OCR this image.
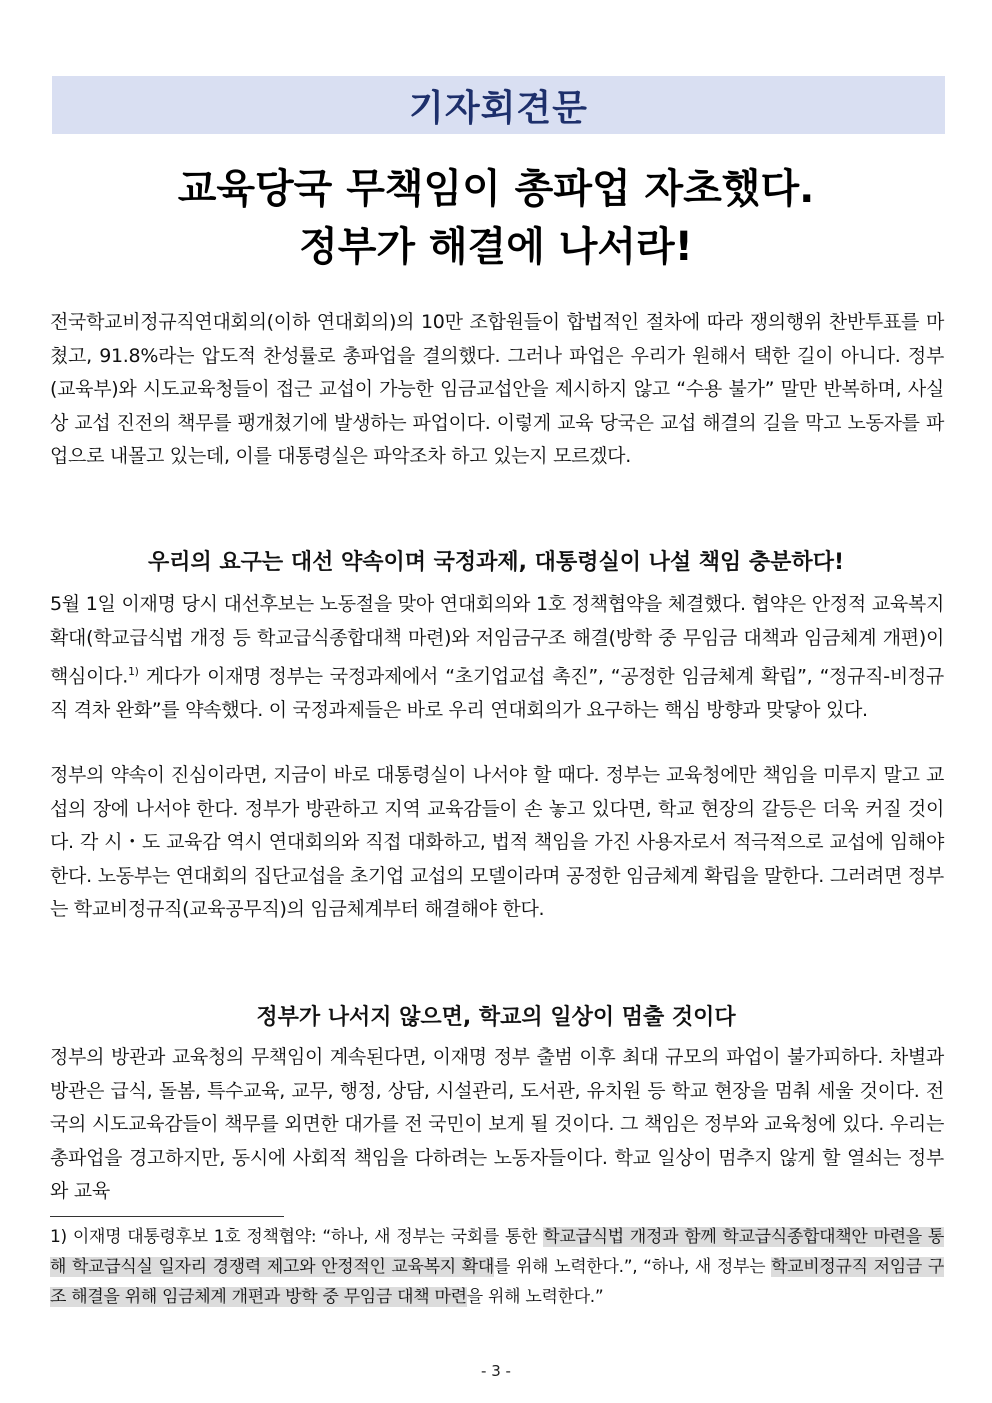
기자회견문
교육당국 무책임이 총파업 자초했다.
정부가 해결에 나서라!

전국학교비정규직연대회의(이하 연대회의)의 10만 조합원들이 합법적인 절차에 따라 쟁의행위 찬반투표를 마쳤고, 91.8%라는 압도적 찬성률로 총파업을 결의했다. 그러나 파업은 우리가 원해서 택한 길이 아니다. 정부(교육부)와 시도교육청들이 접근 교섭이 가능한 임금교섭안을 제시하지 않고 “수용 불가” 말만 반복하며, 사실상 교섭 진전의 책무를 팽개쳤기에 발생하는 파업이다. 이렇게 교육 당국은 교섭 해결의 길을 막고 노동자를 파업으로 내몰고 있는데, 이를 대통령실은 파악조차 하고 있는지 모르겠다.

우리의 요구는 대선 약속이며 국정과제, 대통령실이 나설 책임 충분하다!

5월 1일 이재명 당시 대선후보는 노동절을 맞아 연대회의와 1호 정책협약을 체결했다. 협약은 안정적 교육복지 확대(학교급식법 개정 등 학교급식종합대책 마련)와 저임금구조 해결(방학 중 무임금 대책과 임금체계 개편)이 핵심이다.$^{1)}$ 게다가 이재명 정부는 국정과제에서 “초기업교섭 촉진”, “공정한 임금체계 확립”, “정규직-비정규직 격차 완화”를 약속했다. 이 국정과제들은 바로 우리 연대회의가 요구하는 핵심 방향과 맞닿아 있다.

정부의 약속이 진심이라면, 지금이 바로 대통령실이 나서야 할 때다. 정부는 교육청에만 책임을 미루지 말고 교섭의 장에 나서야 한다. 정부가 방관하고 지역 교육감들이 손 놓고 있다면, 학교 현장의 갈등은 더욱 커질 것이다. 각 시・도 교육감 역시 연대회의와 직접 대화하고, 법적 책임을 가진 사용자로서 적극적으로 교섭에 임해야 한다. 노동부는 연대회의 집단교섭을 초기업 교섭의 모델이라며 공정한 임금체계 확립을 말한다. 그러려면 정부는 학교비정규직(교육공무직)의 임금체계부터 해결해야 한다.

정부가 나서지 않으면, 학교의 일상이 멈출 것이다

정부의 방관과 교육청의 무책임이 계속된다면, 이재명 정부 출범 이후 최대 규모의 파업이 불가피하다. 차별과 방관은 급식, 돌봄, 특수교육, 교무, 행정, 상담, 시설관리, 도서관, 유치원 등 학교 현장을 멈춰 세울 것이다. 전국의 시도교육감들이 책무를 외면한 대가를 전 국민이 보게 될 것이다. 그 책임은 정부와 교육청에 있다. 우리는 총파업을 경고하지만, 동시에 사회적 책임을 다하려는 노동자들이다. 학교 일상이 멈추지 않게 할 열쇠는 정부와 교육

1) 이재명 대통령후보 1호 정책협약: “하나, 새 정부는 국회를 통한 학교급식법 개정과 함께 학교급식종합대책안 마련을 통해 학교급식실 일자리 경쟁력 제고와 안정적인 교육복지 확대를 위해 노력한다.”, “하나, 새 정부는 학교비정규직 저임금 구조 해결을 위해 임금체계 개편과 방학 중 무임금 대책 마련을 위해 노력한다.”

- 3 -
